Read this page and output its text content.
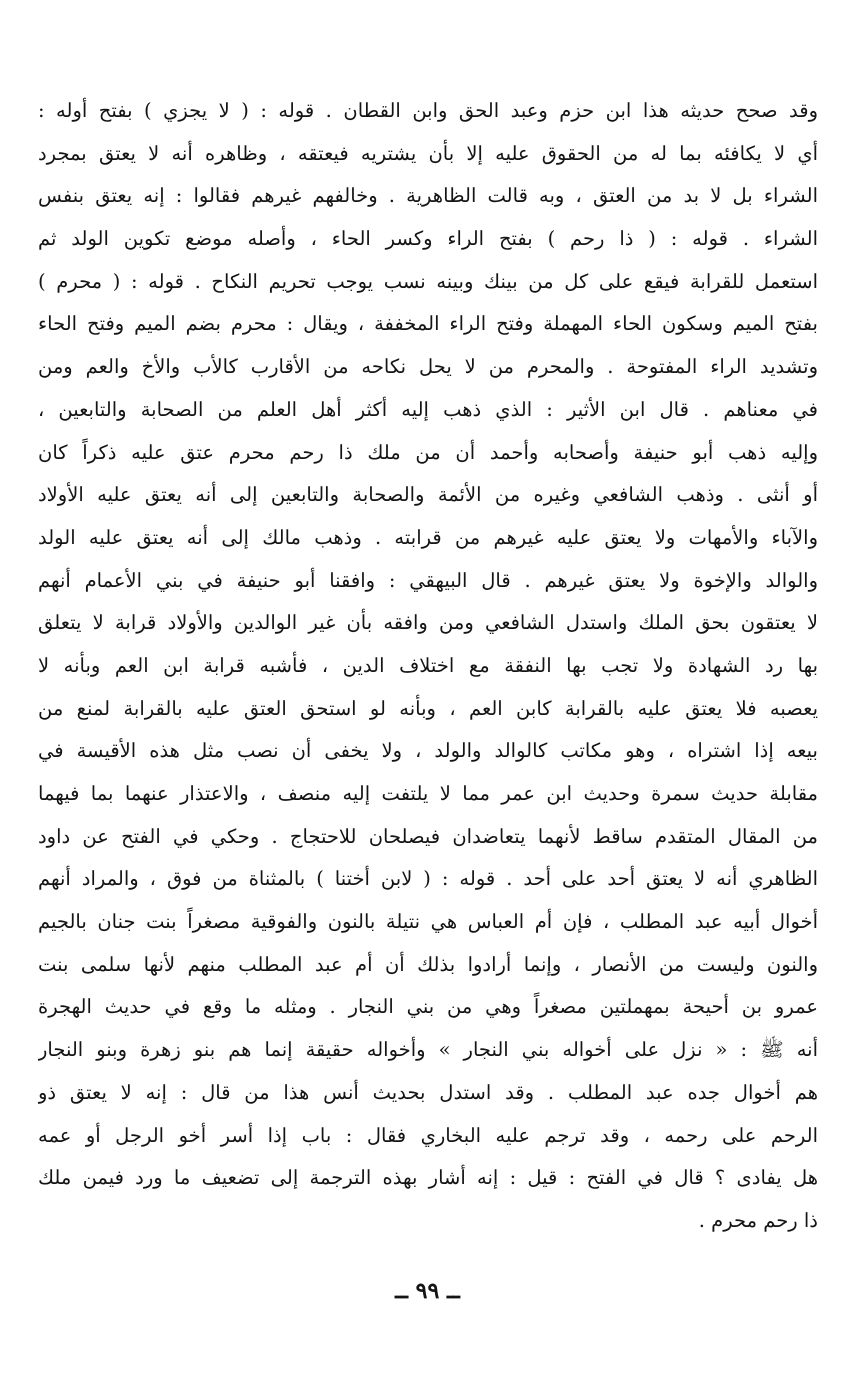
وقد صحح حديثه هذا ابن حزم وعبد الحق وابن القطان . قوله : ( لا يجزي ) بفتح أوله :
أي لا يكافئه بما له من الحقوق عليه إلا بأن يشتريه فيعتقه ، وظاهره أنه لا يعتق بمجرد
الشراء بل لا بد من العتق ، وبه قالت الظاهرية . وخالفهم غيرهم فقالوا : إنه يعتق بنفس
الشراء . قوله : ( ذا رحم ) بفتح الراء وكسر الحاء ، وأصله موضع تكوين الولد ثم
استعمل للقرابة فيقع على كل من بينك وبينه نسب يوجب تحريم النكاح . قوله : ( محرم )
بفتح الميم وسكون الحاء المهملة وفتح الراء المخففة ، ويقال : محرم بضم الميم وفتح الحاء
وتشديد الراء المفتوحة . والمحرم من لا يحل نكاحه من الأقارب كالأب والأخ والعم ومن
في معناهم . قال ابن الأثير : الذي ذهب إليه أكثر أهل العلم من الصحابة والتابعين ،
وإليه ذهب أبو حنيفة وأصحابه وأحمد أن من ملك ذا رحم محرم عتق عليه ذكراً كان
أو أنثى . وذهب الشافعي وغيره من الأئمة والصحابة والتابعين إلى أنه يعتق عليه الأولاد
والآباء والأمهات ولا يعتق عليه غيرهم من قرابته . وذهب مالك إلى أنه يعتق عليه الولد
والوالد والإخوة ولا يعتق غيرهم . قال البيهقي : وافقنا أبو حنيفة في بني الأعمام أنهم
لا يعتقون بحق الملك واستدل الشافعي ومن وافقه بأن غير الوالدين والأولاد قرابة لا يتعلق
بها رد الشهادة ولا تجب بها النفقة مع اختلاف الدين ، فأشبه قرابة ابن العم وبأنه لا
يعصبه فلا يعتق عليه بالقرابة كابن العم ، وبأنه لو استحق العتق عليه بالقرابة لمنع من
بيعه إذا اشتراه ، وهو مكاتب كالوالد والولد ، ولا يخفى أن نصب مثل هذه الأقيسة في
مقابلة حديث سمرة وحديث ابن عمر مما لا يلتفت إليه منصف ، والاعتذار عنهما بما فيهما
من المقال المتقدم ساقط لأنهما يتعاضدان فيصلحان للاحتجاج . وحكي في الفتح عن داود
الظاهري أنه لا يعتق أحد على أحد . قوله : ( لابن أختنا ) بالمثناة من فوق ، والمراد أنهم
أخوال أبيه عبد المطلب ، فإن أم العباس هي نتيلة بالنون والفوقية مصغراً بنت جنان بالجيم
والنون وليست من الأنصار ، وإنما أرادوا بذلك أن أم عبد المطلب منهم لأنها سلمى بنت
عمرو بن أحيحة بمهملتين مصغراً وهي من بني النجار . ومثله ما وقع في حديث الهجرة
أنه ﷺ : « نزل على أخواله بني النجار » وأخواله حقيقة إنما هم بنو زهرة وبنو النجار
هم أخوال جده عبد المطلب . وقد استدل بحديث أنس هذا من قال : إنه لا يعتق ذو
الرحم على رحمه ، وقد ترجم عليه البخاري فقال : باب إذا أسر أخو الرجل أو عمه
هل يفادى ؟ قال في الفتح : قيل : إنه أشار بهذه الترجمة إلى تضعيف ما ورد فيمن ملك
ذا رحم محرم .
ــ ٩٩ ــ
